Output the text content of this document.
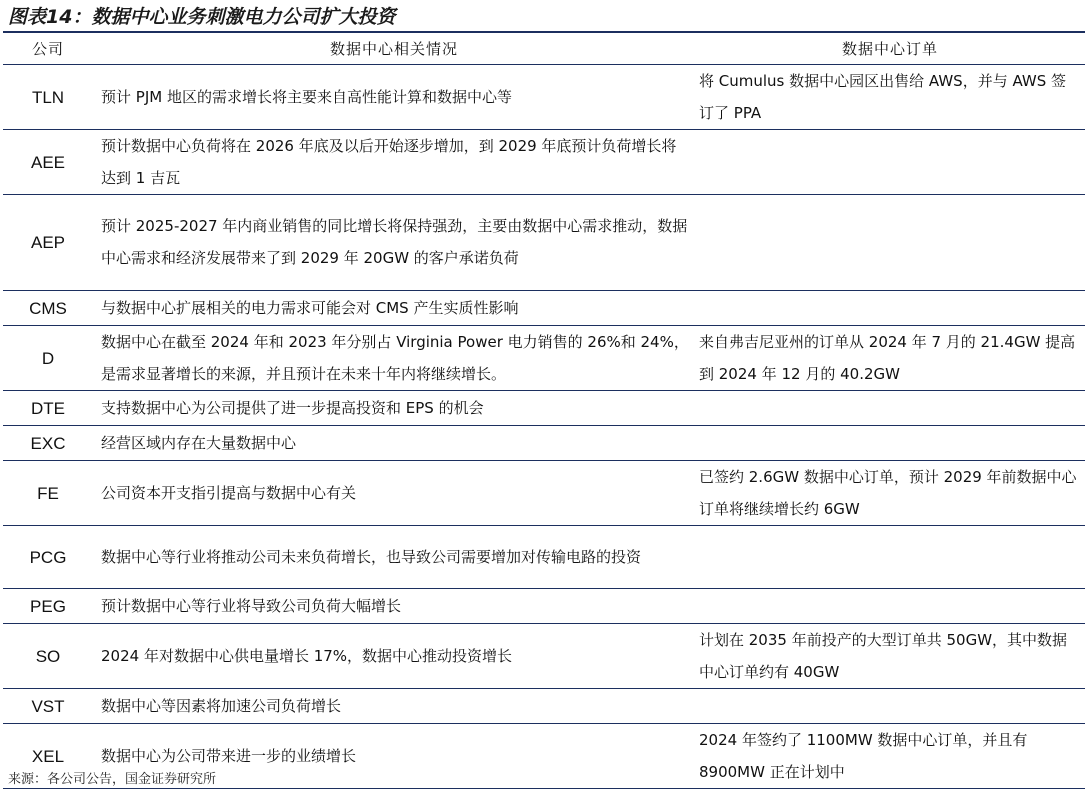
图表14：数据中心业务刺激电力公司扩大投资
公司	数据中心相关情况	数据中心订单
TLN	预计 PJM 地区的需求增长将主要来自高性能计算和数据中心等	将 Cumulus 数据中心园区出售给 AWS，并与 AWS 签订了 PPA
AEE	预计数据中心负荷将在 2026 年底及以后开始逐步增加，到 2029 年底预计负荷增长将达到 1 吉瓦	
AEP	预计 2025-2027 年内商业销售的同比增长将保持强劲，主要由数据中心需求推动，数据中心需求和经济发展带来了到 2029 年 20GW 的客户承诺负荷	
CMS	与数据中心扩展相关的电力需求可能会对 CMS 产生实质性影响	
D	数据中心在截至 2024 年和 2023 年分别占 Virginia Power 电力销售的 26%和 24%，是需求显著增长的来源，并且预计在未来十年内将继续增长。	来自弗吉尼亚州的订单从 2024 年 7 月的 21.4GW 提高到 2024 年 12 月的 40.2GW
DTE	支持数据中心为公司提供了进一步提高投资和 EPS 的机会	
EXC	经营区域内存在大量数据中心	
FE	公司资本开支指引提高与数据中心有关	已签约 2.6GW 数据中心订单，预计 2029 年前数据中心订单将继续增长约 6GW
PCG	数据中心等行业将推动公司未来负荷增长，也导致公司需要增加对传输电路的投资	
PEG	预计数据中心等行业将导致公司负荷大幅增长	
SO	2024 年对数据中心供电量增长 17%，数据中心推动投资增长	计划在 2035 年前投产的大型订单共 50GW，其中数据中心订单约有 40GW
VST	数据中心等因素将加速公司负荷增长	
XEL	数据中心为公司带来进一步的业绩增长	2024 年签约了 1100MW 数据中心订单，并且有 8900MW 正在计划中
来源：各公司公告，国金证券研究所
